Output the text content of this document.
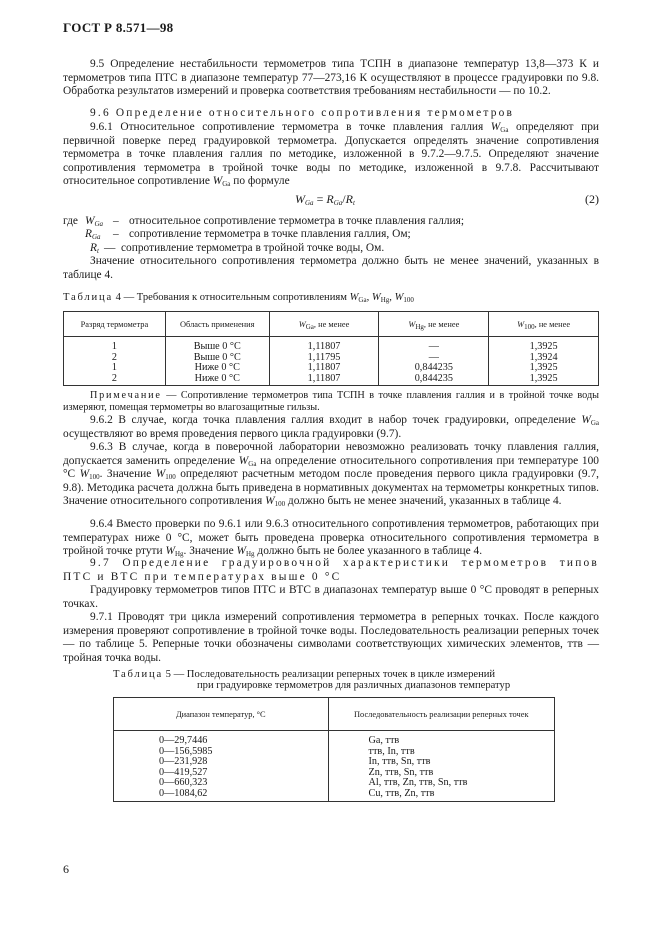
ГОСТ Р 8.571—98
9.5 Определение нестабильности термометров типа ТСПН в диапазоне температур 13,8—373 К и термометров типа ПТС в диапазоне температур 77—273,16 К осуществляют в процессе градуировки по 9.8. Обработка результатов измерений и проверка соответствия требованиям нестабильности — по 10.2.
9.6 Определение относительного сопротивления термометров
9.6.1 Относительное сопротивление термометра в точке плавления галлия $W_{Ga}$ определяют при первичной поверке перед градуировкой термометра. Допускается определять значение сопротивления термометра в точке плавления галлия по методике, изложенной в 9.7.2—9.7.5. Определяют значение сопротивления термометра в тройной точке воды по методике, изложенной в 9.7.8. Рассчитывают относительное сопротивление $W_{Ga}$ по формуле
$W_{Ga} = R_{Ga}/R_t$	(2)
где $W_{Ga}$ – относительное сопротивление термометра в точке плавления галлия;
$R_{Ga}$ – сопротивление термометра в точке плавления галлия, Ом;
$R_t$ — сопротивление термометра в тройной точке воды, Ом.
Значение относительного сопротивления термометра должно быть не менее значений, указанных в таблице 4.
Таблица 4 — Требования к относительным сопротивлениям $W_{Ga}$, $W_{Hg}$, $W_{100}$
Разряд термометра	Область применения	$W_{Ga}$, не менее	$W_{Hg}$, не менее	$W_{100}$, не менее
1	Выше 0 °С	1,11807	—	1,3925
2	Выше 0 °С	1,11795	—	1,3924
1	Ниже 0 °С	1,11807	0,844235	1,3925
2	Ниже 0 °С	1,11807	0,844235	1,3925
Примечание — Сопротивление термометров типа ТСПН в точке плавления галлия и в тройной точке воды измеряют, помещая термометры во влагозащитные гильзы.
9.6.2 В случае, когда точка плавления галлия входит в набор точек градуировки, определение $W_{Ga}$ осуществляют во время проведения первого цикла градуировки (9.7).
9.6.3 В случае, когда в поверочной лаборатории невозможно реализовать точку плавления галлия, допускается заменить определение $W_{Ga}$ на определение относительного сопротивления при температуре 100 °С $W_{100}$. Значение $W_{100}$ определяют расчетным методом после проведения первого цикла градуировки (9.7, 9.8). Методика расчета должна быть приведена в нормативных документах на термометры конкретных типов. Значение относительного сопротивления $W_{100}$ должно быть не менее значений, указанных в таблице 4.
9.6.4 Вместо проверки по 9.6.1 или 9.6.3 относительного сопротивления термометров, работающих при температурах ниже 0 °С, может быть проведена проверка относительного сопротивления термометра в тройной точке ртути $W_{Hg}$. Значение $W_{Hg}$ должно быть не более указанного в таблице 4.
9.7 Определение градуировочной характеристики термометров типов ПТС и ВТС при температурах выше 0 °С
Градуировку термометров типов ПТС и ВТС в диапазонах температур выше 0 °С проводят в реперных точках.
9.7.1 Проводят три цикла измерений сопротивления термометра в реперных точках. После каждого измерения проверяют сопротивление в тройной точке воды. Последовательность реализации реперных точек — по таблице 5. Реперные точки обозначены символами соответствующих химических элементов, ттв — тройная точка воды.
Таблица 5 — Последовательность реализации реперных точек в цикле измерений
при градуировке термометров для различных диапазонов температур
Диапазон температур, °С	Последовательность реализации реперных точек
0—29,7446	Ga, ттв
0—156,5985	ттв, In, ттв
0—231,928	In, ттв, Sn, ттв
0—419,527	Zn, ттв, Sn, ттв
0—660,323	Al, ттв, Zn, ттв, Sn, ттв
0—1084,62	Cu, ттв, Zn, ттв
6
